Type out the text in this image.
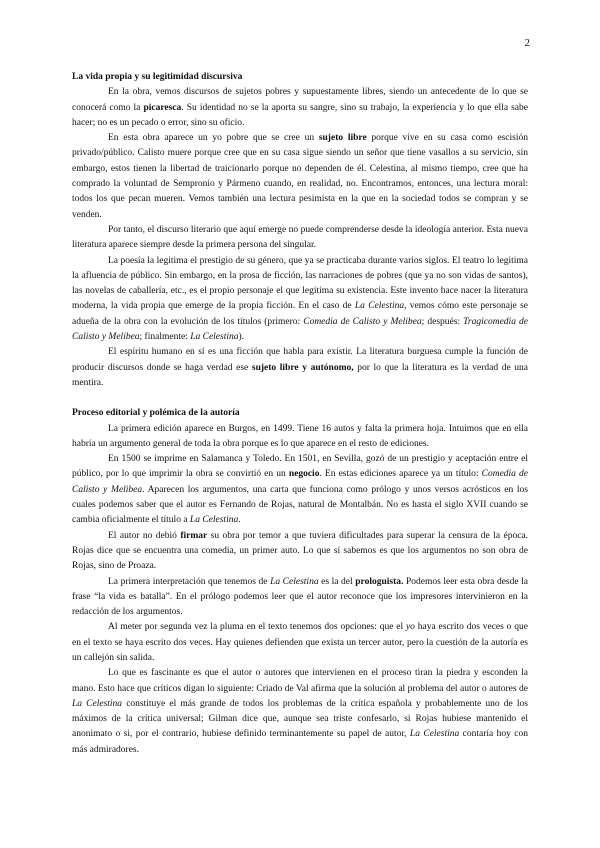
2
La vida propia y su legitimidad discursiva

En la obra, vemos discursos de sujetos pobres y supuestamente libres, siendo un antecedente de lo que se conocerá como la picaresca. Su identidad no se la aporta su sangre, sino su trabajo, la experiencia y lo que ella sabe hacer; no es un pecado o error, sino su oficio.

En esta obra aparece un yo pobre que se cree un sujeto libre porque vive en su casa como escisión privado/público. Calisto muere porque cree que en su casa sigue siendo un señor que tiene vasallos a su servicio, sin embargo, estos tienen la libertad de traicionarlo porque no dependen de él. Celestina, al mismo tiempo, cree que ha comprado la voluntad de Sempronio y Pármeno cuando, en realidad, no. Encontramos, entonces, una lectura moral: todos los que pecan mueren. Vemos también una lectura pesimista en la que en la sociedad todos se compran y se venden.

Por tanto, el discurso literario que aquí emerge no puede comprenderse desde la ideología anterior. Esta nueva literatura aparece siempre desde la primera persona del singular.

La poesía la legitima el prestigio de su género, que ya se practicaba durante varios siglos. El teatro lo legitima la afluencia de público. Sin embargo, en la prosa de ficción, las narraciones de pobres (que ya no son vidas de santos), las novelas de caballería, etc., es el propio personaje el que legitima su existencia. Este invento hace nacer la literatura moderna, la vida propia que emerge de la propia ficción. En el caso de La Celestina, vemos cómo este personaje se adueña de la obra con la evolución de los títulos (primero: Comedia de Calisto y Melibea; después: Tragicomedia de Calisto y Melibea; finalmente: La Celestina).

El espíritu humano en sí es una ficción que habla para existir. La literatura burguesa cumple la función de producir discursos donde se haga verdad ese sujeto libre y autónomo, por lo que la literatura es la verdad de una mentira.

Proceso editorial y polémica de la autoría

La primera edición aparece en Burgos, en 1499. Tiene 16 autos y falta la primera hoja. Intuimos que en ella habría un argumento general de toda la obra porque es lo que aparece en el resto de ediciones.

En 1500 se imprime en Salamanca y Toledo. En 1501, en Sevilla, gozó de un prestigio y aceptación entre el público, por lo que imprimir la obra se convirtió en un negocio. En estas ediciones aparece ya un título: Comedia de Calisto y Melibea. Aparecen los argumentos, una carta que funciona como prólogo y unos versos acrósticos en los cuales podemos saber que el autor es Fernando de Rojas, natural de Montalbán. No es hasta el siglo XVII cuando se cambia oficialmente el título a La Celestina.

El autor no debió firmar su obra por temor a que tuviera dificultades para superar la censura de la época. Rojas dice que se encuentra una comedia, un primer auto. Lo que sí sabemos es que los argumentos no son obra de Rojas, sino de Proaza.

La primera interpretación que tenemos de La Celestina es la del prologuista. Podemos leer esta obra desde la frase “la vida es batalla”. En el prólogo podemos leer que el autor reconoce que los impresores intervinieron en la redacción de los argumentos.

Al meter por segunda vez la pluma en el texto tenemos dos opciones: que el yo haya escrito dos veces o que en el texto se haya escrito dos veces. Hay quienes defienden que exista un tercer autor, pero la cuestión de la autoría es un callejón sin salida.

Lo que es fascinante es que el autor o autores que intervienen en el proceso tiran la piedra y esconden la mano. Esto hace que críticos digan lo siguiente: Criado de Val afirma que la solución al problema del autor o autores de La Celestina constituye el más grande de todos los problemas de la crítica española y probablemente uno de los máximos de la crítica universal; Gilman dice que, aunque sea triste confesarlo, si Rojas hubiese mantenido el anonimato o si, por el contrario, hubiese definido terminantemente su papel de autor, La Celestina contaría hoy con más admiradores.
